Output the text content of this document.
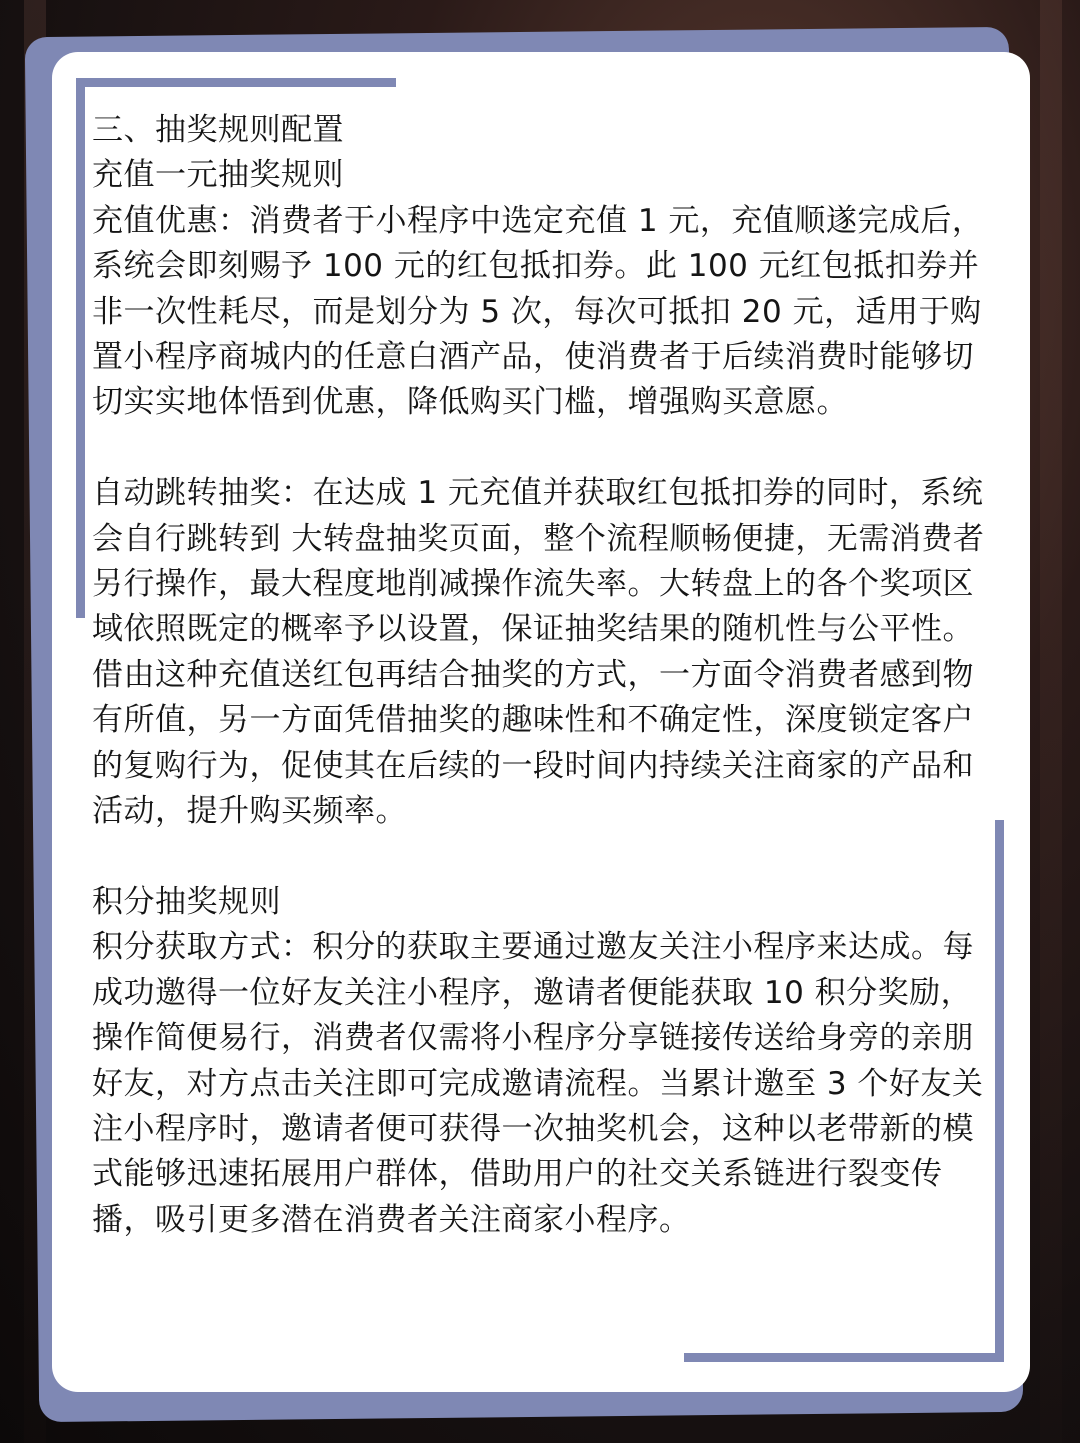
三、抽奖规则配置

充值一元抽奖规则

充值优惠：消费者于小程序中选定充值 1 元，充值顺遂完成后，系统会即刻赐予 100 元的红包抵扣券。此 100 元红包抵扣券并非一次性耗尽，而是划分为 5 次，每次可抵扣 20 元，适用于购置小程序商城内的任意白酒产品，使消费者于后续消费时能够切切实实地体悟到优惠，降低购买门槛，增强购买意愿。

自动跳转抽奖：在达成 1 元充值并获取红包抵扣券的同时，系统会自行跳转到 大转盘抽奖页面，整个流程顺畅便捷，无需消费者另行操作，最大程度地削减操作流失率。大转盘上的各个奖项区域依照既定的概率予以设置，保证抽奖结果的随机性与公平性。借由这种充值送红包再结合抽奖的方式，一方面令消费者感到物有所值，另一方面凭借抽奖的趣味性和不确定性，深度锁定客户的复购行为，促使其在后续的一段时间内持续关注商家的产品和活动，提升购买频率。

积分抽奖规则

积分获取方式：积分的获取主要通过邀友关注小程序来达成。每成功邀得一位好友关注小程序，邀请者便能获取 10 积分奖励，操作简便易行，消费者仅需将小程序分享链接传送给身旁的亲朋好友，对方点击关注即可完成邀请流程。当累计邀至 3 个好友关注小程序时，邀请者便可获得一次抽奖机会，这种以老带新的模式能够迅速拓展用户群体，借助用户的社交关系链进行裂变传播，吸引更多潜在消费者关注商家小程序。
